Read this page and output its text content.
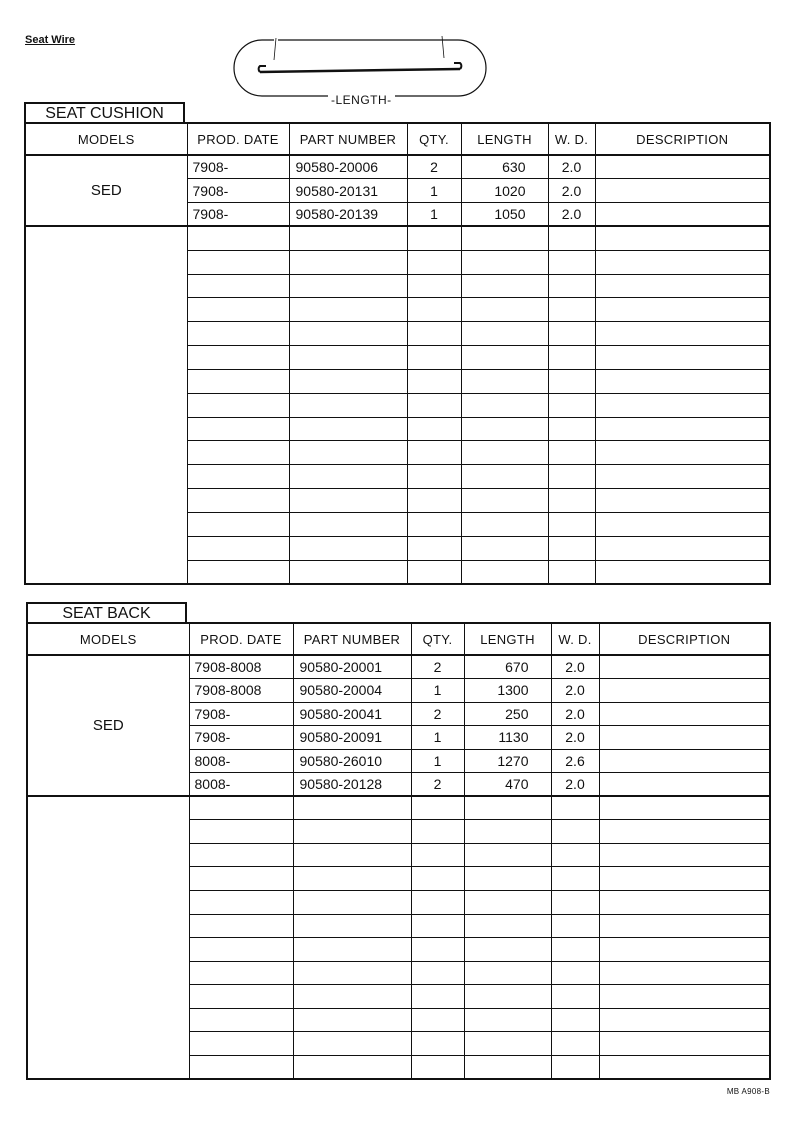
Seat Wire
-LENGTH-
SEAT CUSHION
MODELS	PROD. DATE	PART NUMBER	QTY.	LENGTH	W. D.	DESCRIPTION
SED	7908-	90580-20006	2	630	2.0	
	7908-	90580-20131	1	1020	2.0	
	7908-	90580-20139	1	1050	2.0	

SEAT BACK
MODELS	PROD. DATE	PART NUMBER	QTY.	LENGTH	W. D.	DESCRIPTION
SED	7908-8008	90580-20001	2	670	2.0	
	7908-8008	90580-20004	1	1300	2.0	
	7908-	90580-20041	2	250	2.0	
	7908-	90580-20091	1	1130	2.0	
	8008-	90580-26010	1	1270	2.6	
	8008-	90580-20128	2	470	2.0	

MB A908-B
